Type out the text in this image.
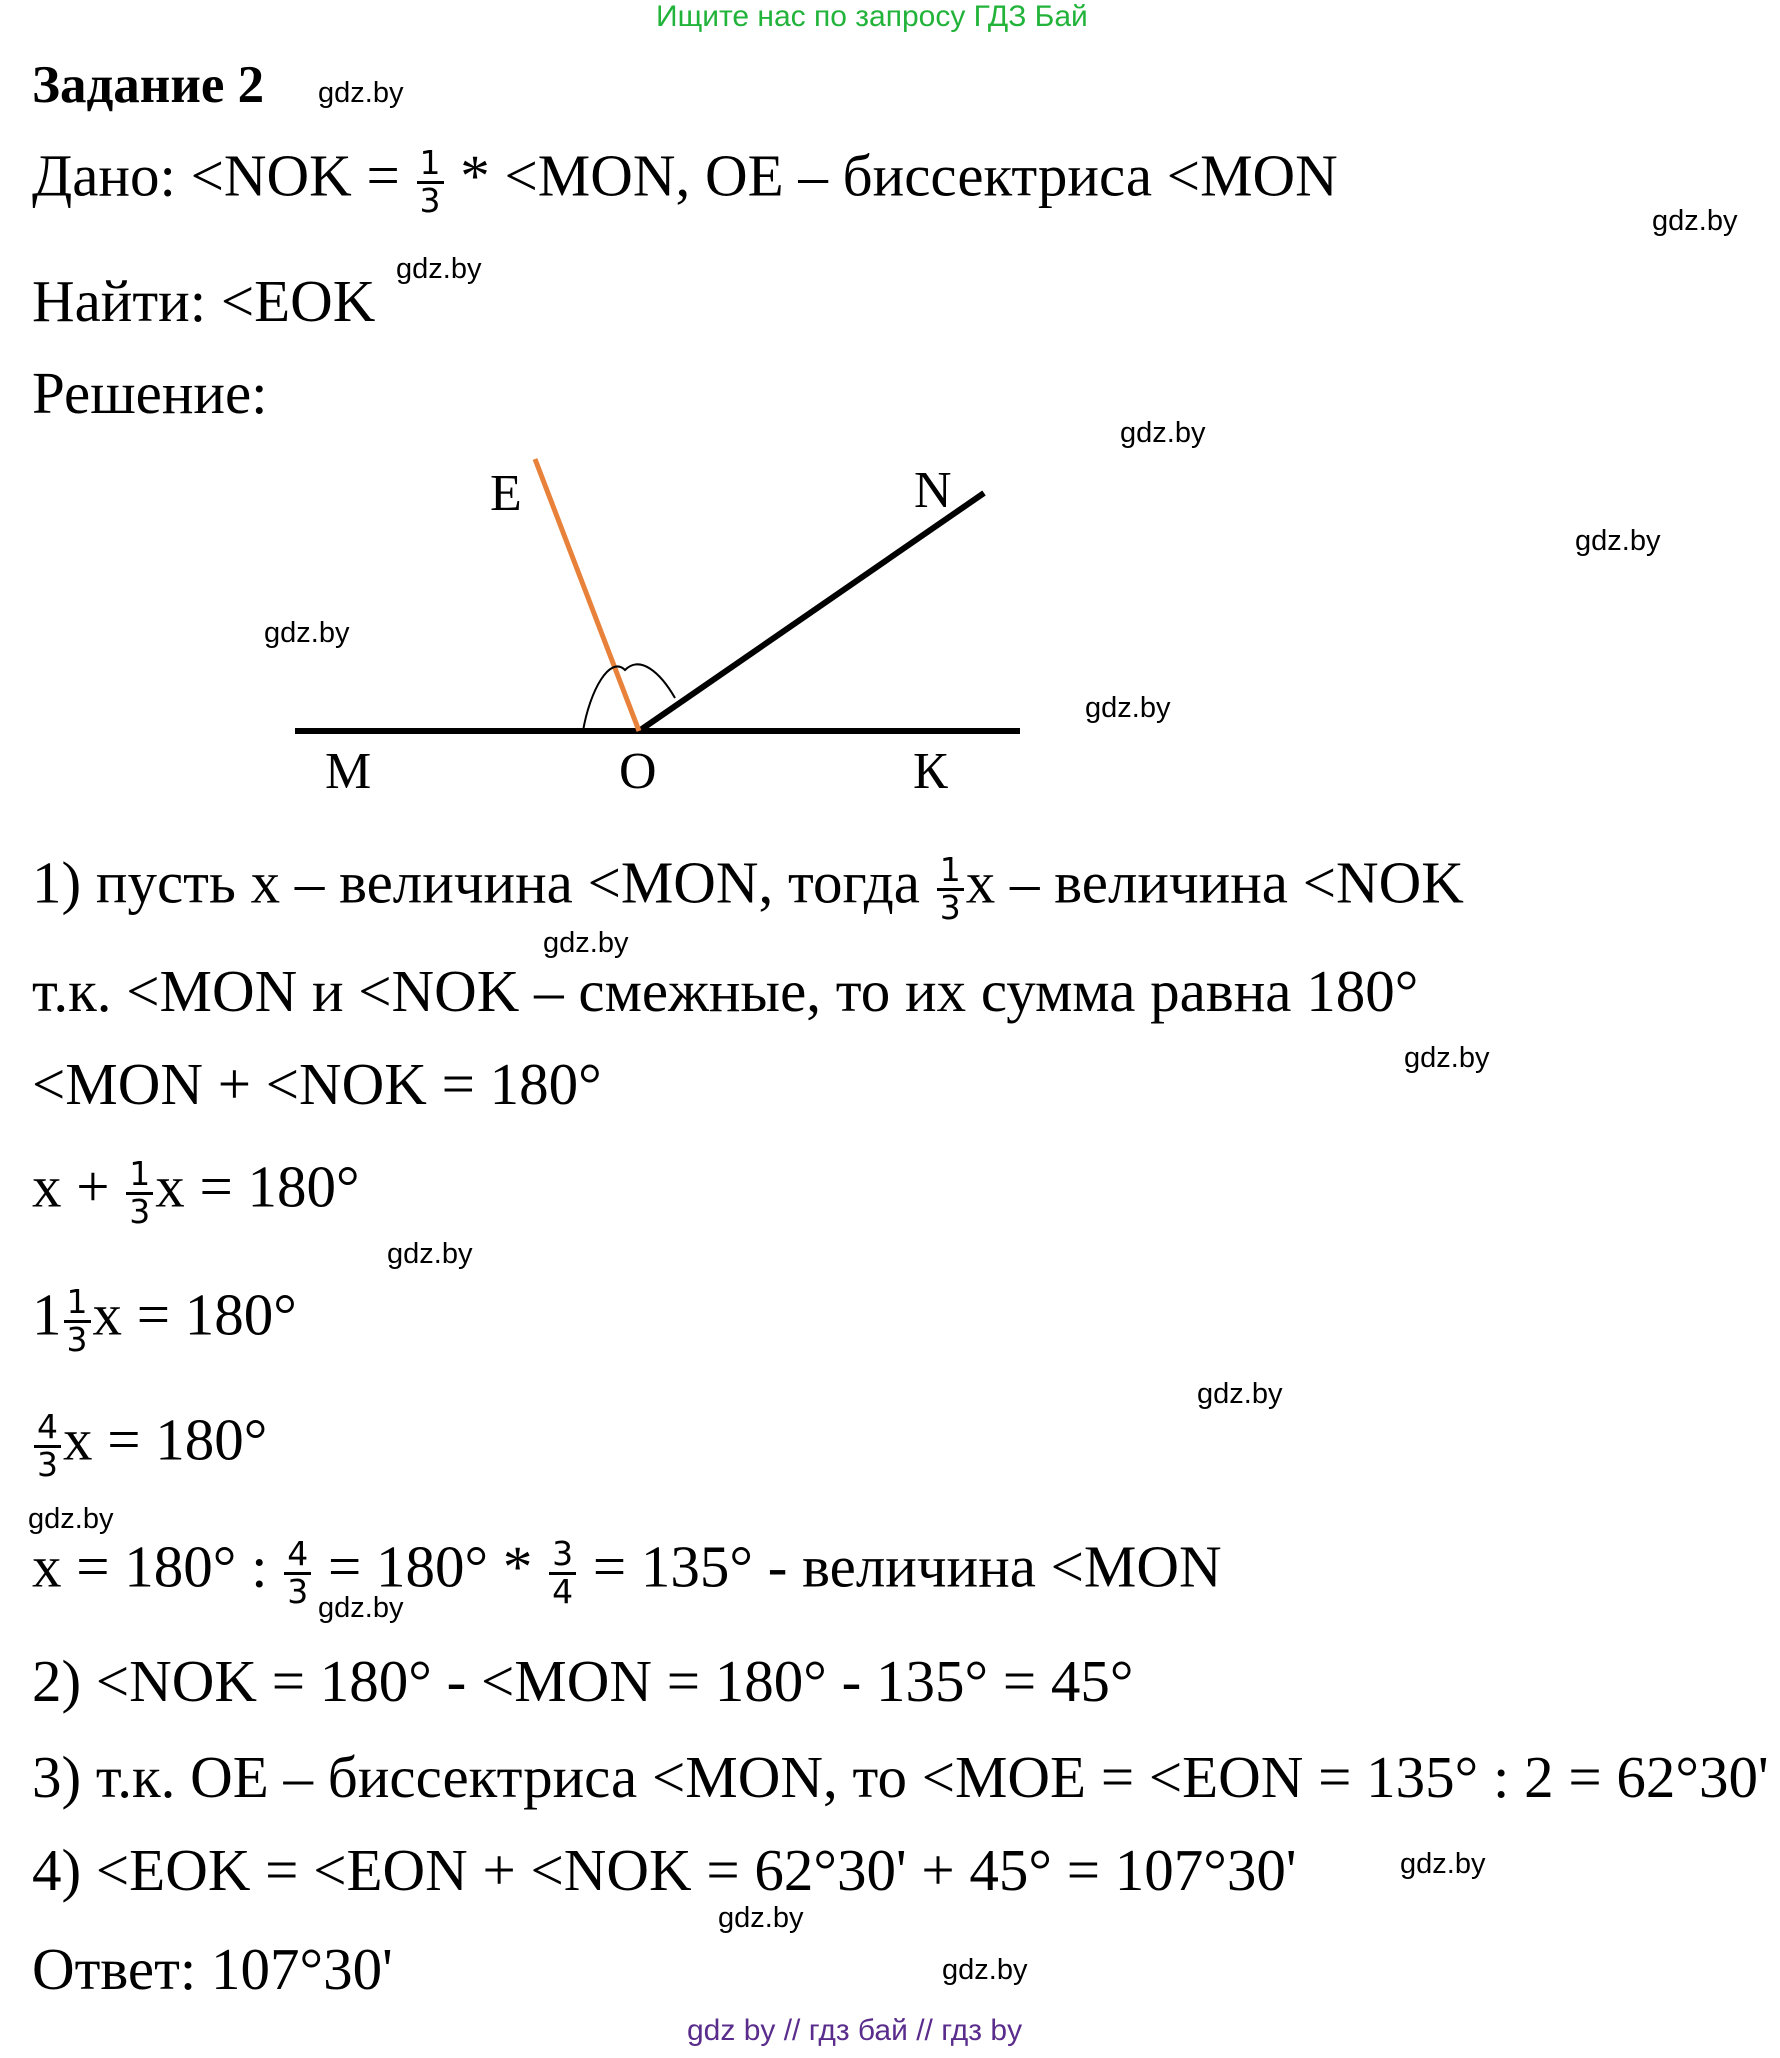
Ищите нас по запросу ГДЗ Бай
Задание 2
Дано: $<NOK = \frac{1}{3} * <MON$, OE – биссектриса <MON
Найти: <EOK
Решение:
E	N
M	O	К
1) пусть x – величина <MON, тогда $\frac{1}{3}$ x – величина <NOK
т.к. <MON и <NOK – смежные, то их сумма равна 180°
<MON + <NOK = 180°
$x + \frac{1}{3}$ x = 180°
$1 \frac{1}{3}$ x = 180°
$\frac{4}{3}$ x = 180°
x = 180° : $\frac{4}{3} = 180^\circ * \frac{3}{4} = 135^\circ$ - величина <MON
2) <NOK = 180° - <MON = 180° - 135° = 45°
3) т.к. OE – биссектриса <MON, то <MOE = <EON = 135° : 2 = 62°30'
4) <EOK = <EON + <NOK = 62°30' + 45° = 107°30'
Ответ: 107°30'
gdz.by
gdz.by
gdz.by
gdz.by
gdz.by
gdz.by
gdz.by
gdz.by
gdz.by
gdz.by
gdz.by
gdz.by
gdz.by
gdz.by
gdz.by
gdz.by
gdz by // гдз бай // гдз by
